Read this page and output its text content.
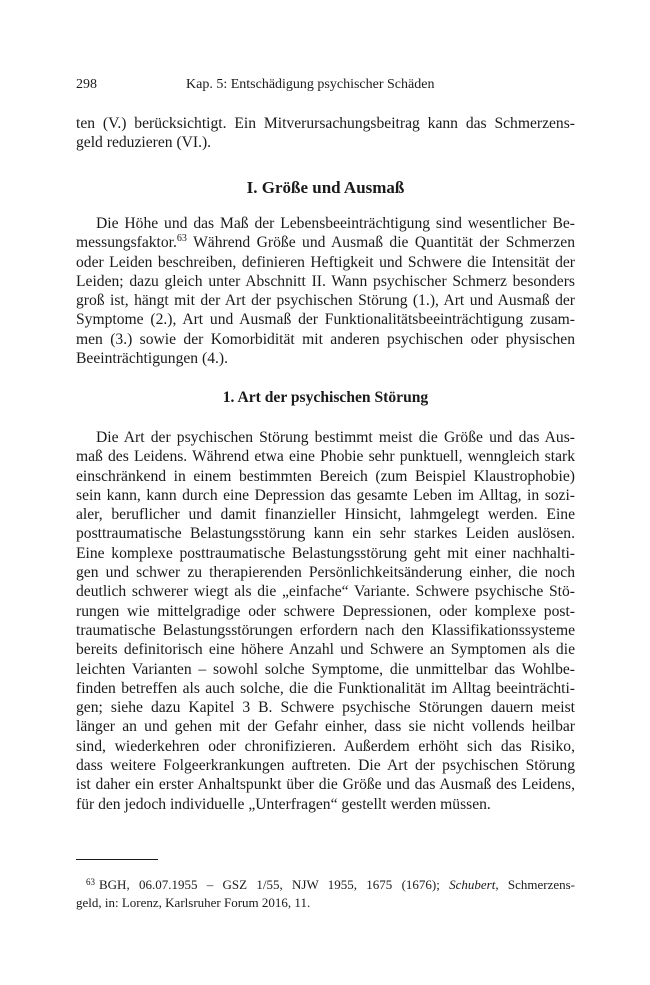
298	Kap. 5: Entschädigung psychischer Schäden
ten (V.) berücksichtigt. Ein Mitverursachungsbeitrag kann das Schmerzens-
geld reduzieren (VI.).
I. Größe und Ausmaß
Die Höhe und das Maß der Lebensbeeinträchtigung sind wesentlicher Be-
messungsfaktor.$^{63}$ Während Größe und Ausmaß die Quantität der Schmerzen
oder Leiden beschreiben, definieren Heftigkeit und Schwere die Intensität der
Leiden; dazu gleich unter Abschnitt II. Wann psychischer Schmerz besonders
groß ist, hängt mit der Art der psychischen Störung (1.), Art und Ausmaß der
Symptome (2.), Art und Ausmaß der Funktionalitätsbeeinträchtigung zusam-
men (3.) sowie der Komorbidität mit anderen psychischen oder physischen
Beeinträchtigungen (4.).
1. Art der psychischen Störung
Die Art der psychischen Störung bestimmt meist die Größe und das Aus-
maß des Leidens. Während etwa eine Phobie sehr punktuell, wenngleich stark
einschränkend in einem bestimmten Bereich (zum Beispiel Klaustrophobie)
sein kann, kann durch eine Depression das gesamte Leben im Alltag, in sozi-
aler, beruflicher und damit finanzieller Hinsicht, lahmgelegt werden. Eine
posttraumatische Belastungsstörung kann ein sehr starkes Leiden auslösen.
Eine komplexe posttraumatische Belastungsstörung geht mit einer nachhalti-
gen und schwer zu therapierenden Persönlichkeitsänderung einher, die noch
deutlich schwerer wiegt als die „einfache“ Variante. Schwere psychische Stö-
rungen wie mittelgradige oder schwere Depressionen, oder komplexe post-
traumatische Belastungsstörungen erfordern nach den Klassifikationssysteme
bereits definitorisch eine höhere Anzahl und Schwere an Symptomen als die
leichten Varianten – sowohl solche Symptome, die unmittelbar das Wohlbe-
finden betreffen als auch solche, die die Funktionalität im Alltag beeinträchti-
gen; siehe dazu Kapitel 3 B. Schwere psychische Störungen dauern meist
länger an und gehen mit der Gefahr einher, dass sie nicht vollends heilbar
sind, wiederkehren oder chronifizieren. Außerdem erhöht sich das Risiko,
dass weitere Folgeerkrankungen auftreten. Die Art der psychischen Störung
ist daher ein erster Anhaltspunkt über die Größe und das Ausmaß des Leidens,
für den jedoch individuelle „Unterfragen“ gestellt werden müssen.
$^{63}$ BGH, 06.07.1955 – GSZ 1/55, NJW 1955, 1675 (1676); Schubert, Schmerzens-
geld, in: Lorenz, Karlsruher Forum 2016, 11.
